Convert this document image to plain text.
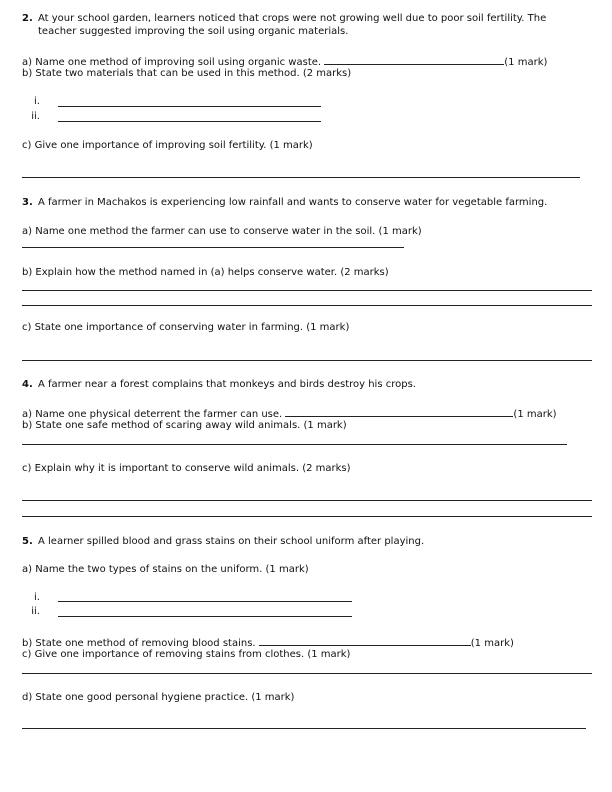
2. At your school garden, learners noticed that crops were not growing well due to poor soil fertility. The
teacher suggested improving the soil using organic materials.
a) Name one method of improving soil using organic waste.	(1 mark)
b) State two materials that can be used in this method. (2 marks)
i.
ii.
c) Give one importance of improving soil fertility. (1 mark)
3. A farmer in Machakos is experiencing low rainfall and wants to conserve water for vegetable farming.
a) Name one method the farmer can use to conserve water in the soil. (1 mark)
b) Explain how the method named in (a) helps conserve water. (2 marks)
c) State one importance of conserving water in farming. (1 mark)
4. A farmer near a forest complains that monkeys and birds destroy his crops.
a) Name one physical deterrent the farmer can use.	(1 mark)
b) State one safe method of scaring away wild animals. (1 mark)
c) Explain why it is important to conserve wild animals. (2 marks)
5. A learner spilled blood and grass stains on their school uniform after playing.
a) Name the two types of stains on the uniform. (1 mark)
i.
ii.
b) State one method of removing blood stains.	(1 mark)
c) Give one importance of removing stains from clothes. (1 mark)
d) State one good personal hygiene practice. (1 mark)
